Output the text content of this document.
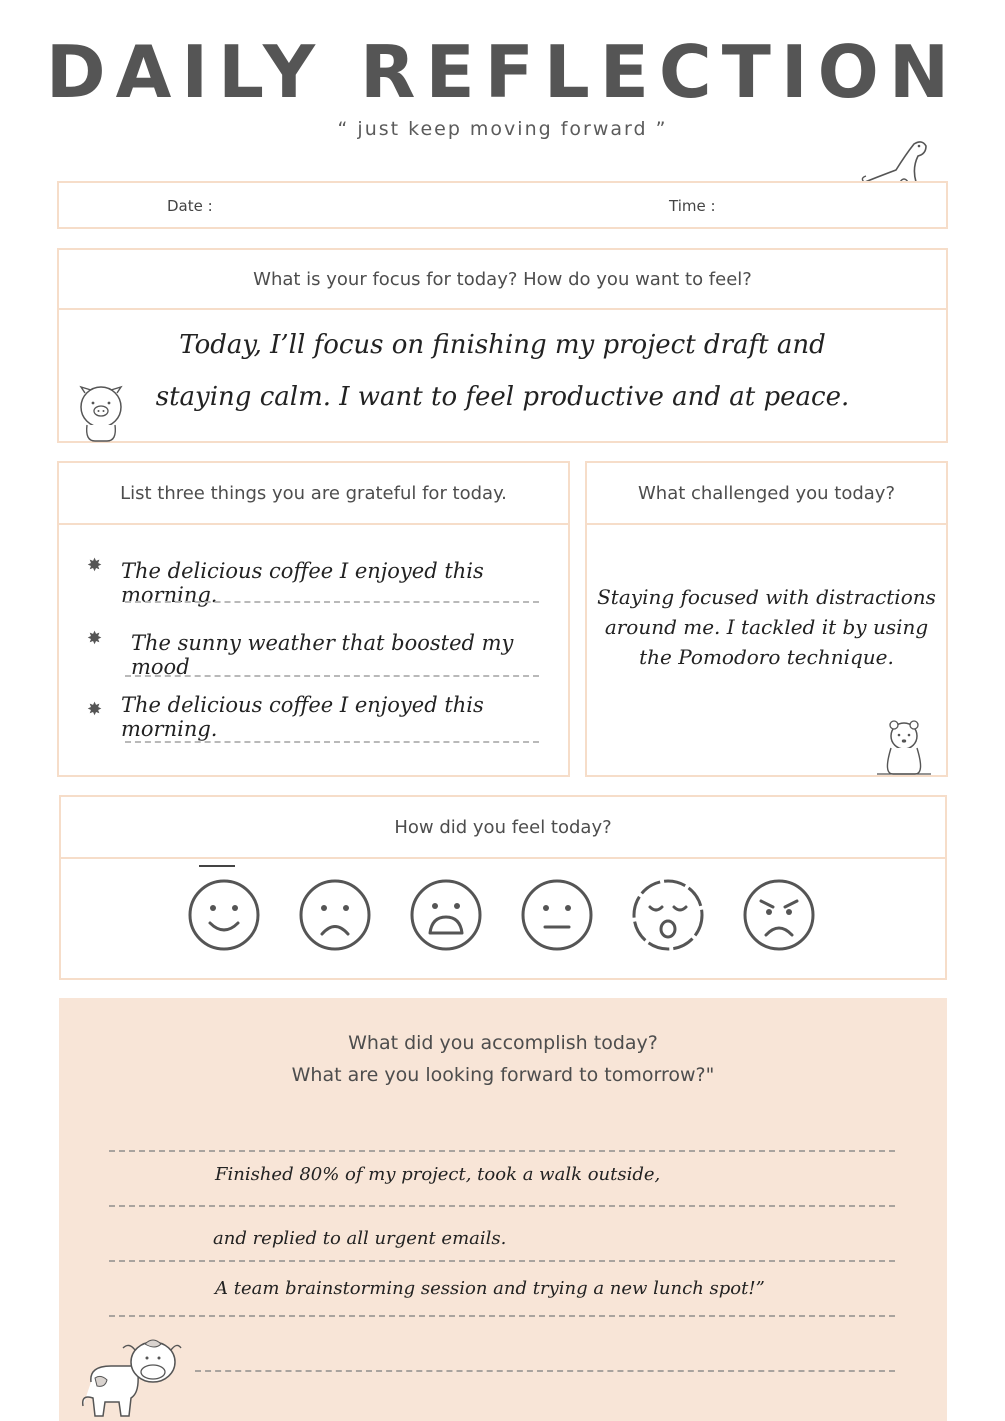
DAILY REFLECTION
“ just keep moving forward ”
Date :	Time :
What is your focus for today? How do you want to feel?
Today, I’ll focus on finishing my project draft and
staying calm. I want to feel productive and at peace.
List three things you are grateful for today.
✸ The delicious coffee I enjoyed this morning.
✸ The sunny weather that boosted my mood
✸ The delicious coffee I enjoyed this morning.
What challenged you today?
Staying focused with distractions
around me. I tackled it by using
the Pomodoro technique.
How did you feel today?
What did you accomplish today?
What are you looking forward to tomorrow?"
Finished 80% of my project, took a walk outside,
and replied to all urgent emails.
A team brainstorming session and trying a new lunch spot!”
